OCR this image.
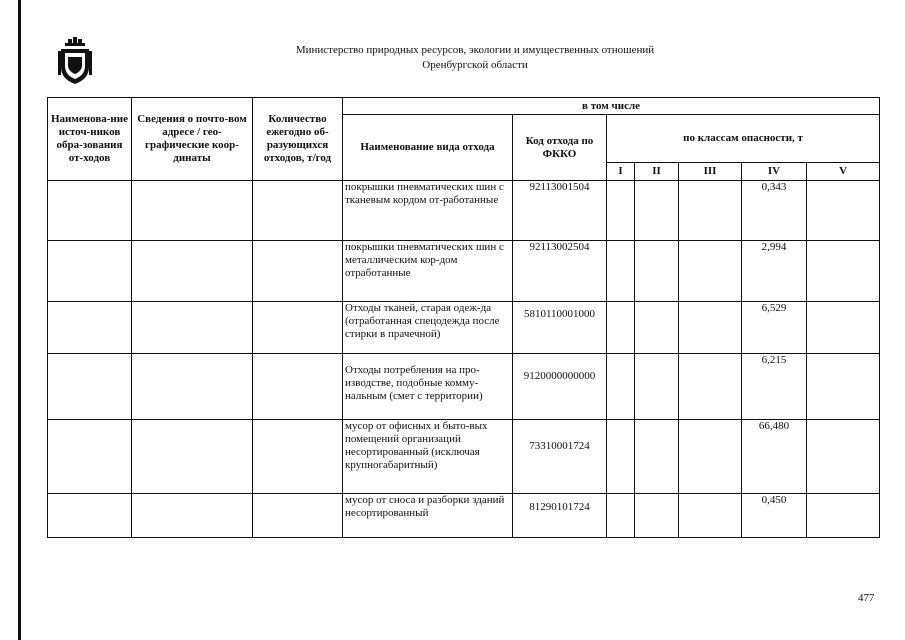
Министерство природных ресурсов, экологии и имущественных отношений
Оренбургской области
Наименова-ние источ-ников обра-зования от-ходов	Сведения о почто-вом адресе / гео-графические коор-динаты	Количество ежегодно об-разующихся отходов, т/год	в том числе						
			Наименование вида отхода	Код отхода по ФККО	по классам опасности, т				
					I	II	III	IV	V
			покрышки пневматических шин с тканевым кордом от-работанные	92113001504				0,343	
			покрышки пневматических шин с металлическим кор-дом отработанные	92113002504				2,994	
			Отходы тканей, старая одеж-да (отработанная спецодежда после стирки в прачечной)	5810110001000				6,529	
			Отходы потребления на про-изводстве, подобные комму-нальным (смет с территории)	9120000000000				6,215	
			мусор от офисных и быто-вых помещений организаций несортированный (исключая крупногабаритный)	73310001724				66,480	
			мусор от сноса и разборки зданий несортированный	81290101724				0,450	
477
